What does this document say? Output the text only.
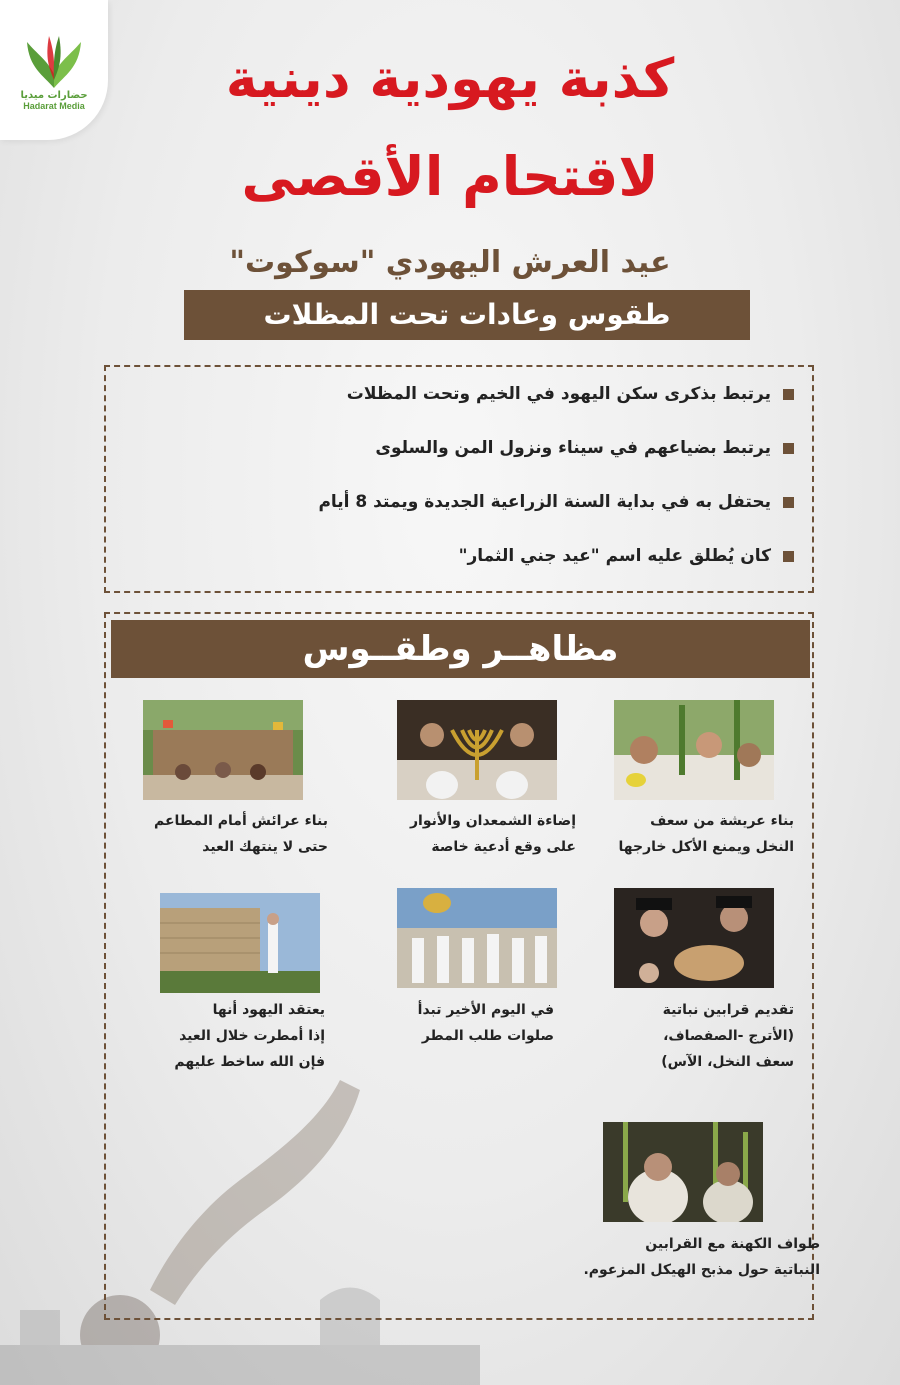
حضارات ميديا
Hadarat Media	كذبة يهودية دينية
لاقتحام الأقصى
عيد العرش اليهودي "سوكوت"
طقوس وعادات تحت المظلات
يرتبط بذكرى سكن اليهود في الخيم وتحت المظلات
يرتبط بضياعهم في سيناء ونزول المن والسلوى
يحتفل به في بداية السنة الزراعية الجديدة ويمتد 8 أيام
كان يُطلق عليه اسم "عيد جني الثمار"
مظاهــر وطقــوس
بناء عريشة من سعف
النخل ويمنع الأكل خارجها
إضاءة الشمعدان والأنوار
على وقع أدعية خاصة
بناء عرائش أمام المطاعم
حتى لا ينتهك العيد
تقديم قرابين نباتية
(الأترج -الصفصاف،
سعف النخل، الآس)
في اليوم الأخير تبدأ
صلوات طلب المطر
يعتقد اليهود أنها
إذا أمطرت خلال العيد
فإن الله ساخط عليهم
طواف الكهنة مع القرابين
النباتية حول مذبح الهيكل المزعوم.
